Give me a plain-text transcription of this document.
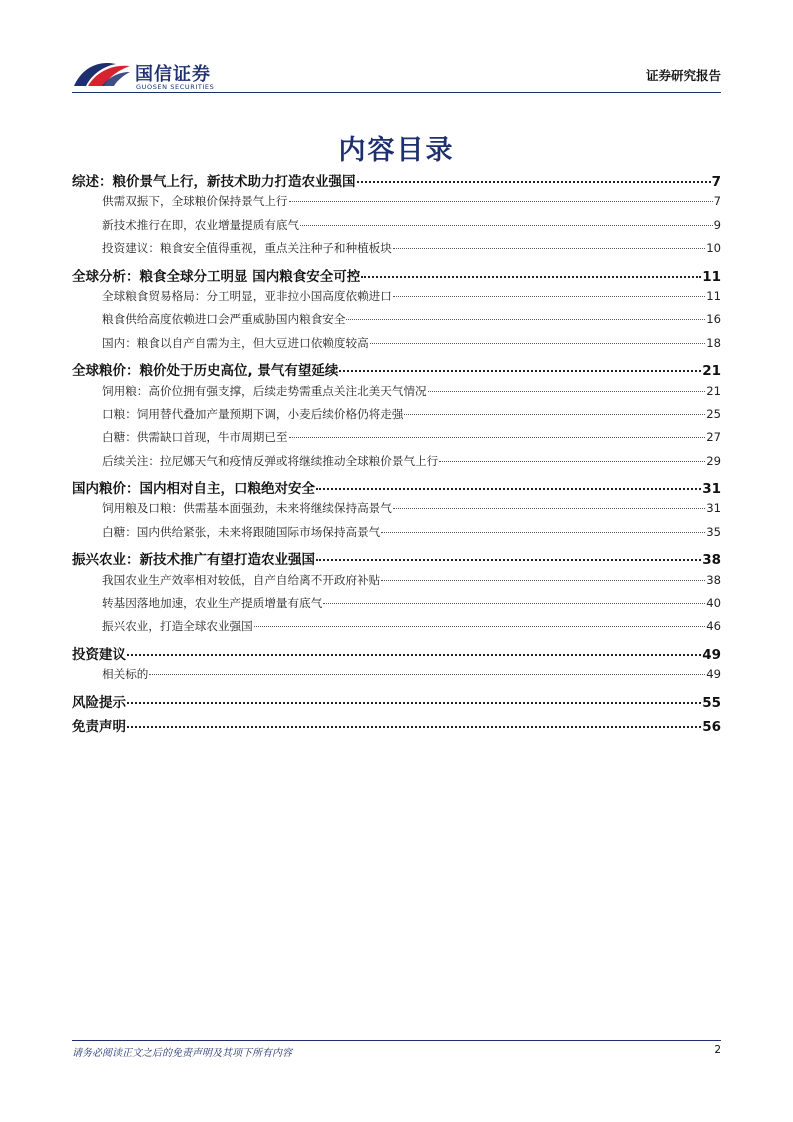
国信证券
GUOSEN SECURITIES
证券研究报告
内容目录
综述：粮价景气上行，新技术助力打造农业强国	7
供需双振下，全球粮价保持景气上行	7
新技术推行在即，农业增量提质有底气	9
投资建议：粮食安全值得重视，重点关注种子和种植板块	10
全球分析：粮食全球分工明显 国内粮食安全可控	11
全球粮食贸易格局：分工明显，亚非拉小国高度依赖进口	11
粮食供给高度依赖进口会严重威胁国内粮食安全	16
国内：粮食以自产自需为主，但大豆进口依赖度较高	18
全球粮价：粮价处于历史高位, 景气有望延续	21
饲用粮：高价位拥有强支撑，后续走势需重点关注北美天气情况	21
口粮：饲用替代叠加产量预期下调，小麦后续价格仍将走强	25
白糖：供需缺口首现，牛市周期已至	27
后续关注：拉尼娜天气和疫情反弹或将继续推动全球粮价景气上行	29
国内粮价：国内相对自主，口粮绝对安全	31
饲用粮及口粮：供需基本面强劲，未来将继续保持高景气	31
白糖：国内供给紧张，未来将跟随国际市场保持高景气	35
振兴农业：新技术推广有望打造农业强国	38
我国农业生产效率相对较低，自产自给离不开政府补贴	38
转基因落地加速，农业生产提质增量有底气	40
振兴农业，打造全球农业强国	46
投资建议	49
相关标的	49
风险提示	55
免责声明	56
请务必阅读正文之后的免责声明及其项下所有内容	2
